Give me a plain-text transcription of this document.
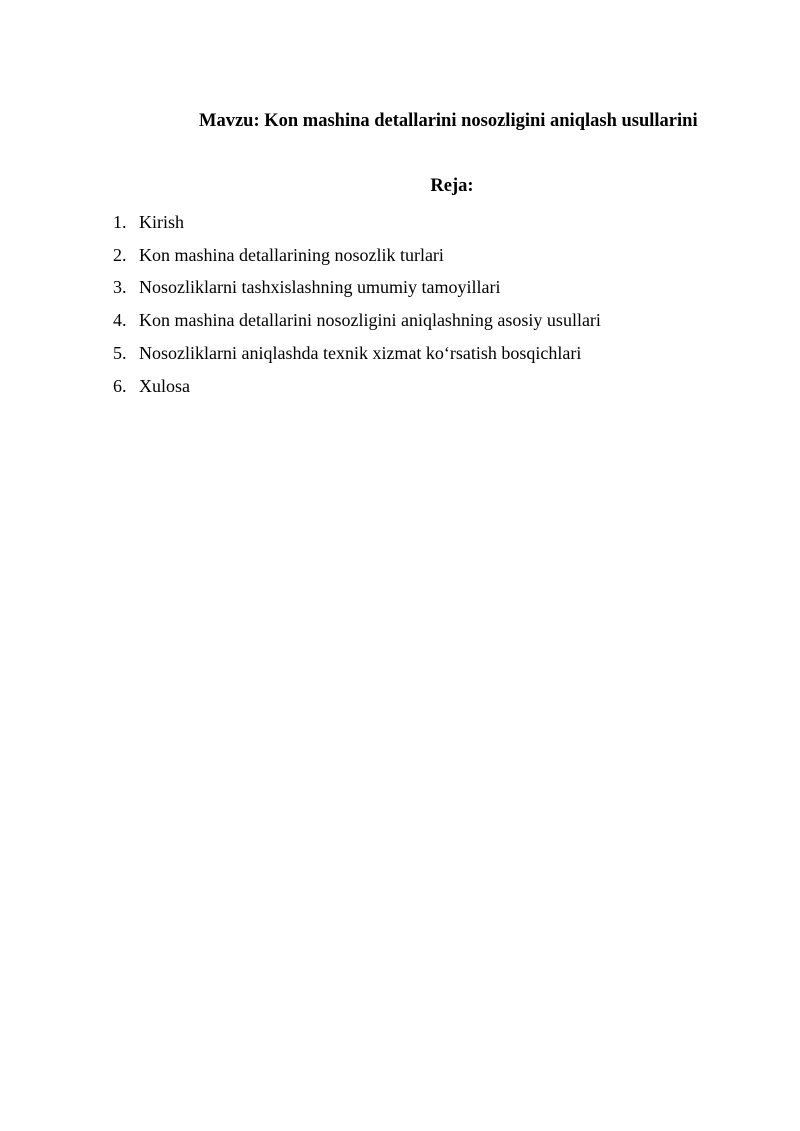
Mavzu: Kon mashina detallarini nosozligini aniqlash usullarini
Reja:
1. Kirish
2. Kon mashina detallarining nosozlik turlari
3. Nosozliklarni tashxislashning umumiy tamoyillari
4. Kon mashina detallarini nosozligini aniqlashning asosiy usullari
5. Nosozliklarni aniqlashda texnik xizmat koʻrsatish bosqichlari
6. Xulosa
